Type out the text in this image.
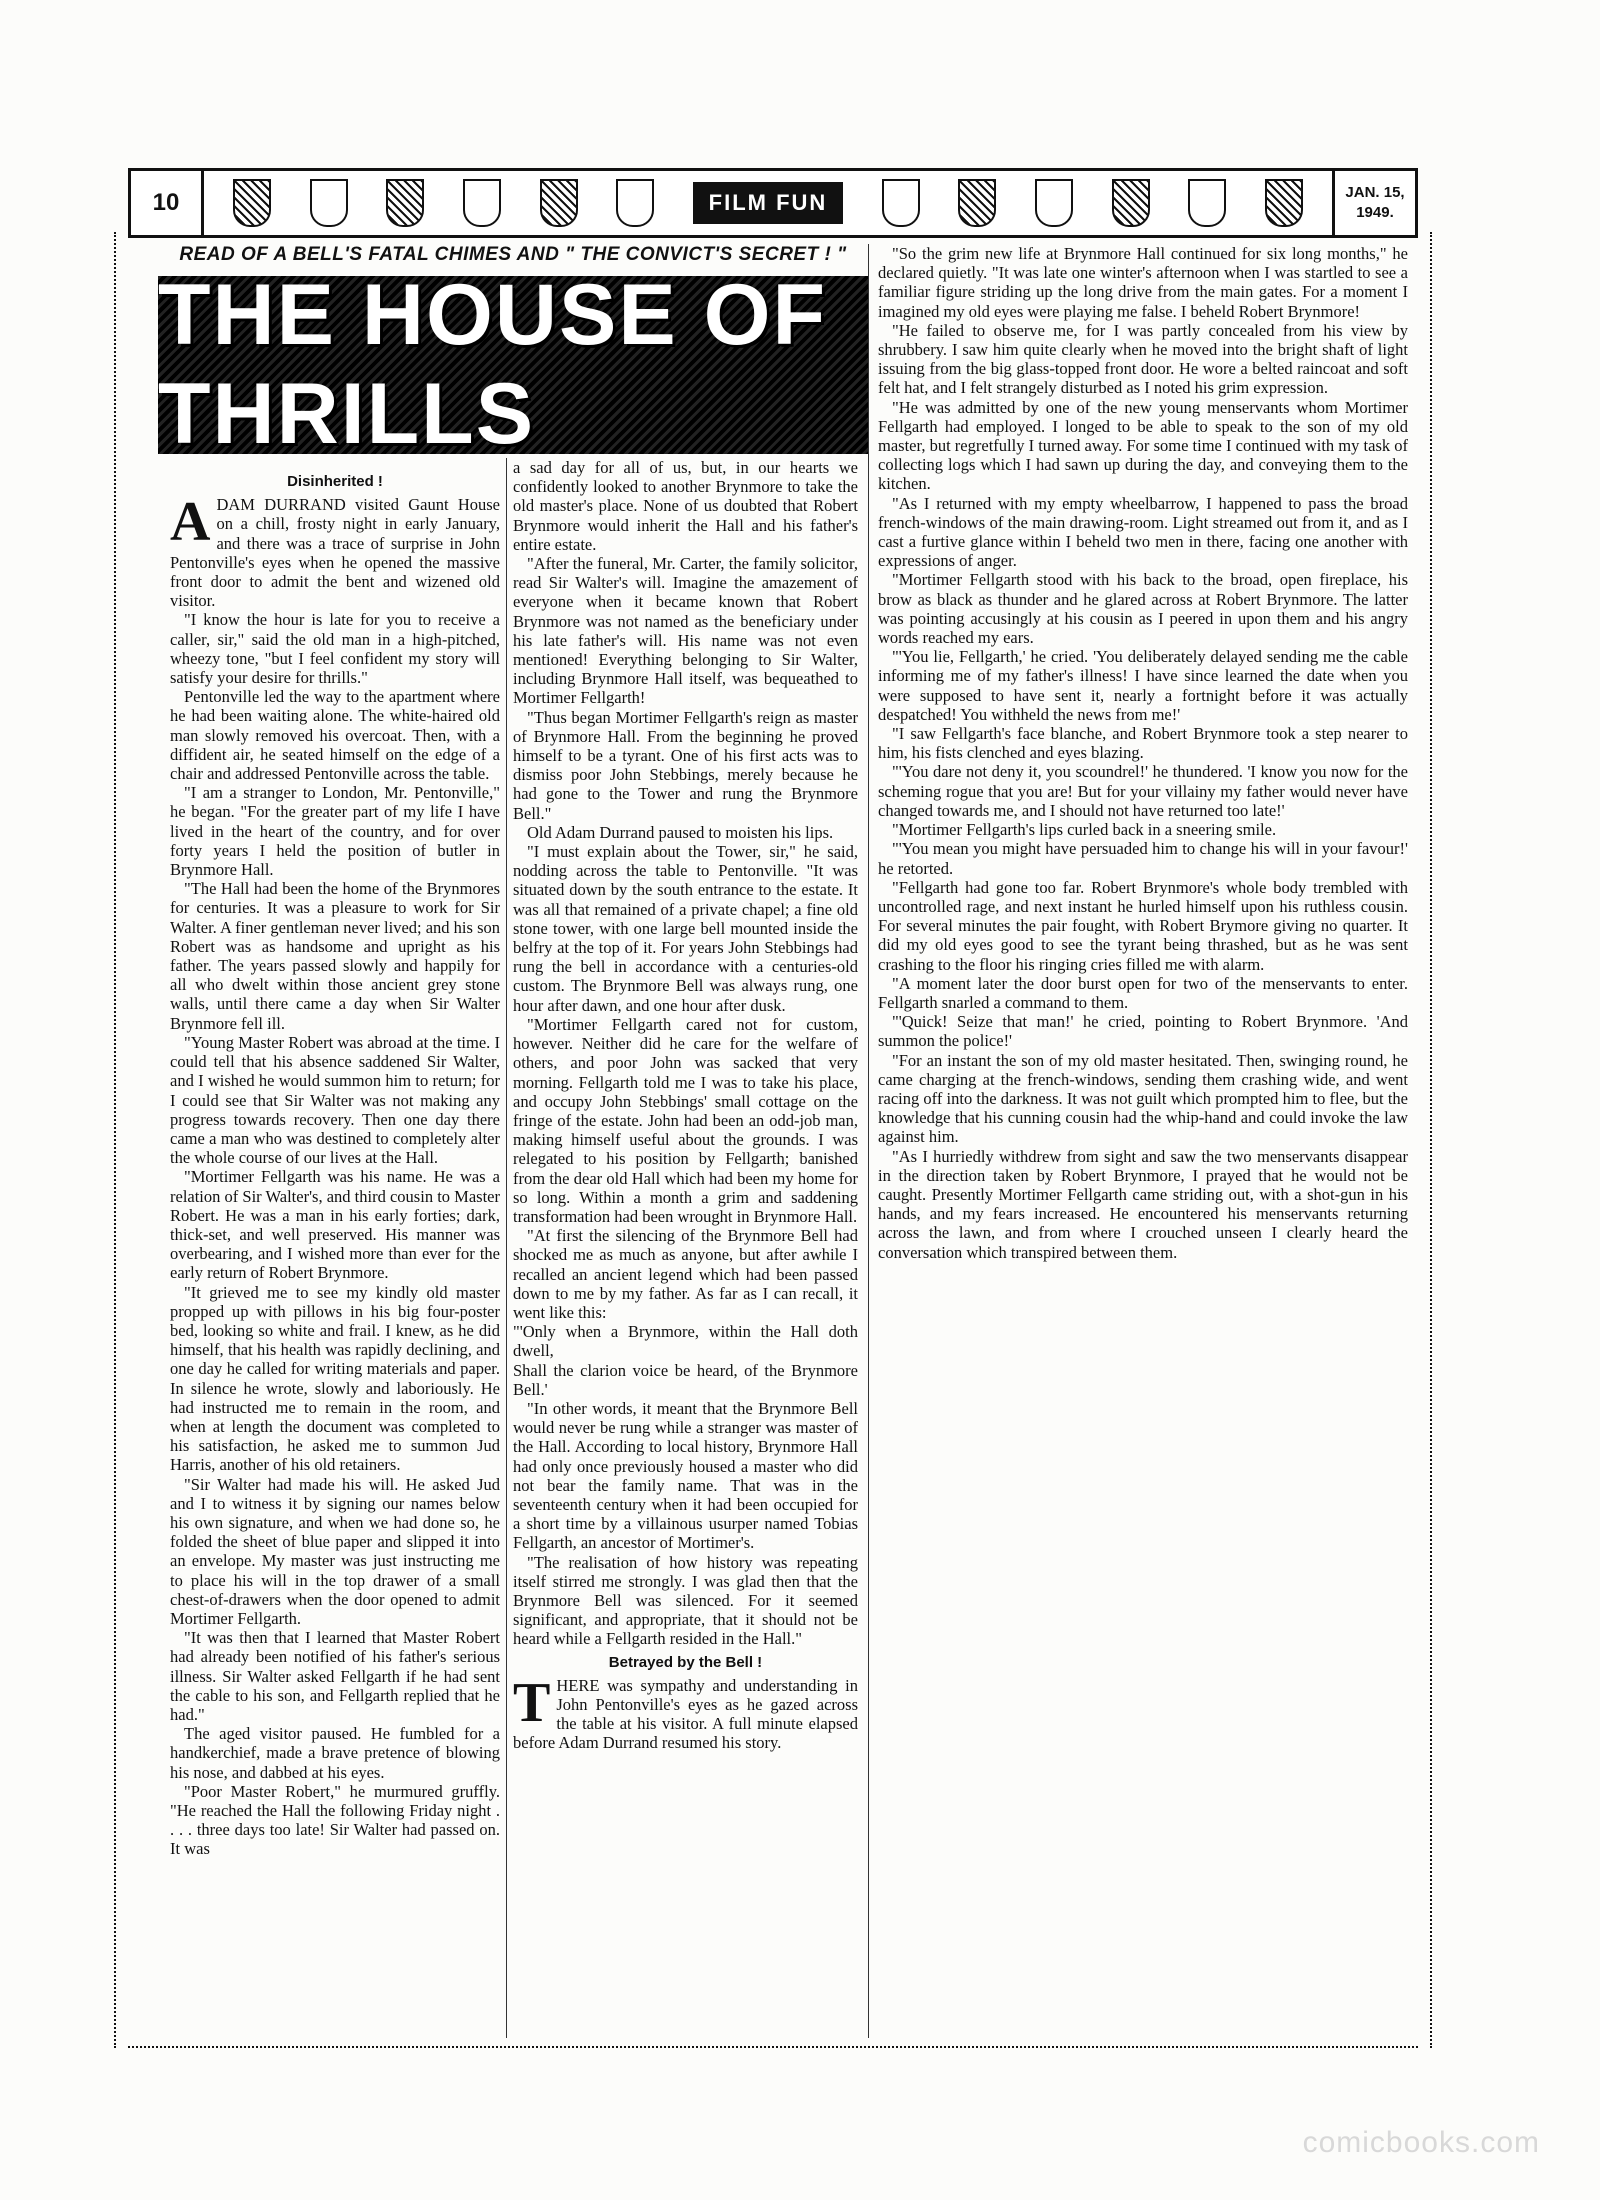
10	FILM FUN	JAN. 15,
1949.
READ OF A BELL'S FATAL CHIMES AND " THE CONVICT'S SECRET ! "
THE HOUSE OF THRILLS
Disinherited !
A DAM DURRAND visited Gaunt House on a chill, frosty night in early January, and there was a trace of surprise in John Pentonville's eyes when he opened the massive front door to admit the bent and wizened old visitor.

"I know the hour is late for you to receive a caller, sir," said the old man in a high-pitched, wheezy tone, "but I feel confident my story will satisfy your desire for thrills."

Pentonville led the way to the apartment where he had been waiting alone. The white-haired old man slowly removed his overcoat. Then, with a diffident air, he seated himself on the edge of a chair and addressed Pentonville across the table.

"I am a stranger to London, Mr. Pentonville," he began. "For the greater part of my life I have lived in the heart of the country, and for over forty years I held the position of butler in Brynmore Hall.

"The Hall had been the home of the Brynmores for centuries. It was a pleasure to work for Sir Walter. A finer gentleman never lived; and his son Robert was as handsome and upright as his father. The years passed slowly and happily for all who dwelt within those ancient grey stone walls, until there came a day when Sir Walter Brynmore fell ill.

"Young Master Robert was abroad at the time. I could tell that his absence saddened Sir Walter, and I wished he would summon him to return; for I could see that Sir Walter was not making any progress towards recovery. Then one day there came a man who was destined to completely alter the whole course of our lives at the Hall.

"Mortimer Fellgarth was his name. He was a relation of Sir Walter's, and third cousin to Master Robert. He was a man in his early forties; dark, thick-set, and well preserved. His manner was overbearing, and I wished more than ever for the early return of Robert Brynmore.

"It grieved me to see my kindly old master propped up with pillows in his big four-poster bed, looking so white and frail. I knew, as he did himself, that his health was rapidly declining, and one day he called for writing materials and paper. In silence he wrote, slowly and laboriously. He had instructed me to remain in the room, and when at length the document was completed to his satisfaction, he asked me to summon Jud Harris, another of his old retainers.

"Sir Walter had made his will. He asked Jud and I to witness it by signing our names below his own signature, and when we had done so, he folded the sheet of blue paper and slipped it into an envelope. My master was just instructing me to place his will in the top drawer of a small chest-of-drawers when the door opened to admit Mortimer Fellgarth.

"It was then that I learned that Master Robert had already been notified of his father's serious illness. Sir Walter asked Fellgarth if he had sent the cable to his son, and Fellgarth replied that he had."

The aged visitor paused. He fumbled for a handkerchief, made a brave pretence of blowing his nose, and dabbed at his eyes.

"Poor Master Robert," he murmured gruffly. "He reached the Hall the following Friday night . . . . three days too late! Sir Walter had passed on. It was

a sad day for all of us, but, in our hearts we confidently looked to another Brynmore to take the old master's place. None of us doubted that Robert Brynmore would inherit the Hall and his father's entire estate.

"After the funeral, Mr. Carter, the family solicitor, read Sir Walter's will. Imagine the amazement of everyone when it became known that Robert Brynmore was not named as the beneficiary under his late father's will. His name was not even mentioned! Everything belonging to Sir Walter, including Brynmore Hall itself, was bequeathed to Mortimer Fellgarth!

"Thus began Mortimer Fellgarth's reign as master of Brynmore Hall. From the beginning he proved himself to be a tyrant. One of his first acts was to dismiss poor John Stebbings, merely because he had gone to the Tower and rung the Brynmore Bell."

Old Adam Durrand paused to moisten his lips.

"I must explain about the Tower, sir," he said, nodding across the table to Pentonville. "It was situated down by the south entrance to the estate. It was all that remained of a private chapel; a fine old stone tower, with one large bell mounted inside the belfry at the top of it. For years John Stebbings had rung the bell in accordance with a centuries-old custom. The Brynmore Bell was always rung, one hour after dawn, and one hour after dusk.

"Mortimer Fellgarth cared not for custom, however. Neither did he care for the welfare of others, and poor John was sacked that very morning. Fellgarth told me I was to take his place, and occupy John Stebbings' small cottage on the fringe of the estate. John had been an odd-job man, making himself useful about the grounds. I was relegated to his position by Fellgarth; banished from the dear old Hall which had been my home for so long. Within a month a grim and saddening transformation had been wrought in Brynmore Hall.

"At first the silencing of the Brynmore Bell had shocked me as much as anyone, but after awhile I recalled an ancient legend which had been passed down to me by my father. As far as I can recall, it went like this:

"'Only when a Brynmore, within the Hall doth dwell,

Shall the clarion voice be heard, of the Brynmore Bell.'

"In other words, it meant that the Brynmore Bell would never be rung while a stranger was master of the Hall. According to local history, Brynmore Hall had only once previously housed a master who did not bear the family name. That was in the seventeenth century when it had been occupied for a short time by a villainous usurper named Tobias Fellgarth, an ancestor of Mortimer's.

"The realisation of how history was repeating itself stirred me strongly. I was glad then that the Brynmore Bell was silenced. For it seemed significant, and appropriate, that it should not be heard while a Fellgarth resided in the Hall."

Betrayed by the Bell !
T HERE was sympathy and understanding in John Pentonville's eyes as he gazed across the table at his visitor. A full minute elapsed before Adam Durrand resumed his story.

"So the grim new life at Brynmore Hall continued for six long months," he declared quietly. "It was late one winter's afternoon when I was startled to see a familiar figure striding up the long drive from the main gates. For a moment I imagined my old eyes were playing me false. I beheld Robert Brynmore!

"He failed to observe me, for I was partly concealed from his view by shrubbery. I saw him quite clearly when he moved into the bright shaft of light issuing from the big glass-topped front door. He wore a belted raincoat and soft felt hat, and I felt strangely disturbed as I noted his grim expression.

"He was admitted by one of the new young menservants whom Mortimer Fellgarth had employed. I longed to be able to speak to the son of my old master, but regretfully I turned away. For some time I continued with my task of collecting logs which I had sawn up during the day, and conveying them to the kitchen.

"As I returned with my empty wheelbarrow, I happened to pass the broad french-windows of the main drawing-room. Light streamed out from it, and as I cast a furtive glance within I beheld two men in there, facing one another with expressions of anger.

"Mortimer Fellgarth stood with his back to the broad, open fireplace, his brow as black as thunder and he glared across at Robert Brynmore. The latter was pointing accusingly at his cousin as I peered in upon them and his angry words reached my ears.

"'You lie, Fellgarth,' he cried. 'You deliberately delayed sending me the cable informing me of my father's illness! I have since learned the date when you were supposed to have sent it, nearly a fortnight before it was actually despatched! You withheld the news from me!'

"I saw Fellgarth's face blanche, and Robert Brynmore took a step nearer to him, his fists clenched and eyes blazing.

"'You dare not deny it, you scoundrel!' he thundered. 'I know you now for the scheming rogue that you are! But for your villainy my father would never have changed towards me, and I should not have returned too late!'

"Mortimer Fellgarth's lips curled back in a sneering smile.

"'You mean you might have persuaded him to change his will in your favour!' he retorted.

"Fellgarth had gone too far. Robert Brynmore's whole body trembled with uncontrolled rage, and next instant he hurled himself upon his ruthless cousin. For several minutes the pair fought, with Robert Brymore giving no quarter. It did my old eyes good to see the tyrant being thrashed, but as he was sent crashing to the floor his ringing cries filled me with alarm.

"A moment later the door burst open for two of the menservants to enter. Fellgarth snarled a command to them.

"'Quick! Seize that man!' he cried, pointing to Robert Brynmore. 'And summon the police!'

"For an instant the son of my old master hesitated. Then, swinging round, he came charging at the french-windows, sending them crashing wide, and went racing off into the darkness. It was not guilt which prompted him to flee, but the knowledge that his cunning cousin had the whip-hand and could invoke the law against him.

"As I hurriedly withdrew from sight and saw the two menservants disappear in the direction taken by Robert Brynmore, I prayed that he would not be caught. Presently Mortimer Fellgarth came striding out, with a shot-gun in his hands, and my fears increased. He encountered his menservants returning across the lawn, and from where I crouched unseen I clearly heard the conversation which transpired between them.

comicbooks.com
